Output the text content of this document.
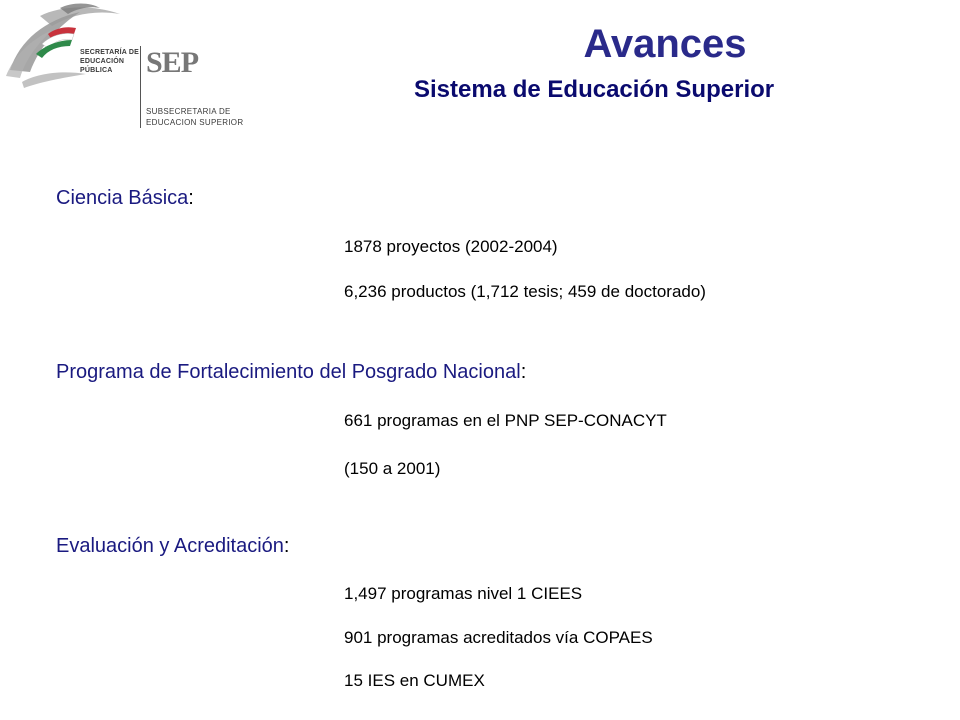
SECRETARÍA DE
EDUCACIÓN
PÚBLICA	SEP
SUBSECRETARIA DE
EDUCACION SUPERIOR
Avances
Sistema de Educación Superior
Ciencia Básica:
1878 proyectos (2002-2004)
6,236 productos (1,712 tesis; 459 de doctorado)
Programa de Fortalecimiento del Posgrado Nacional:
661 programas en el PNP SEP-CONACYT
(150 a 2001)
Evaluación y Acreditación:
1,497 programas nivel 1 CIEES
901 programas acreditados vía COPAES
15 IES en CUMEX
